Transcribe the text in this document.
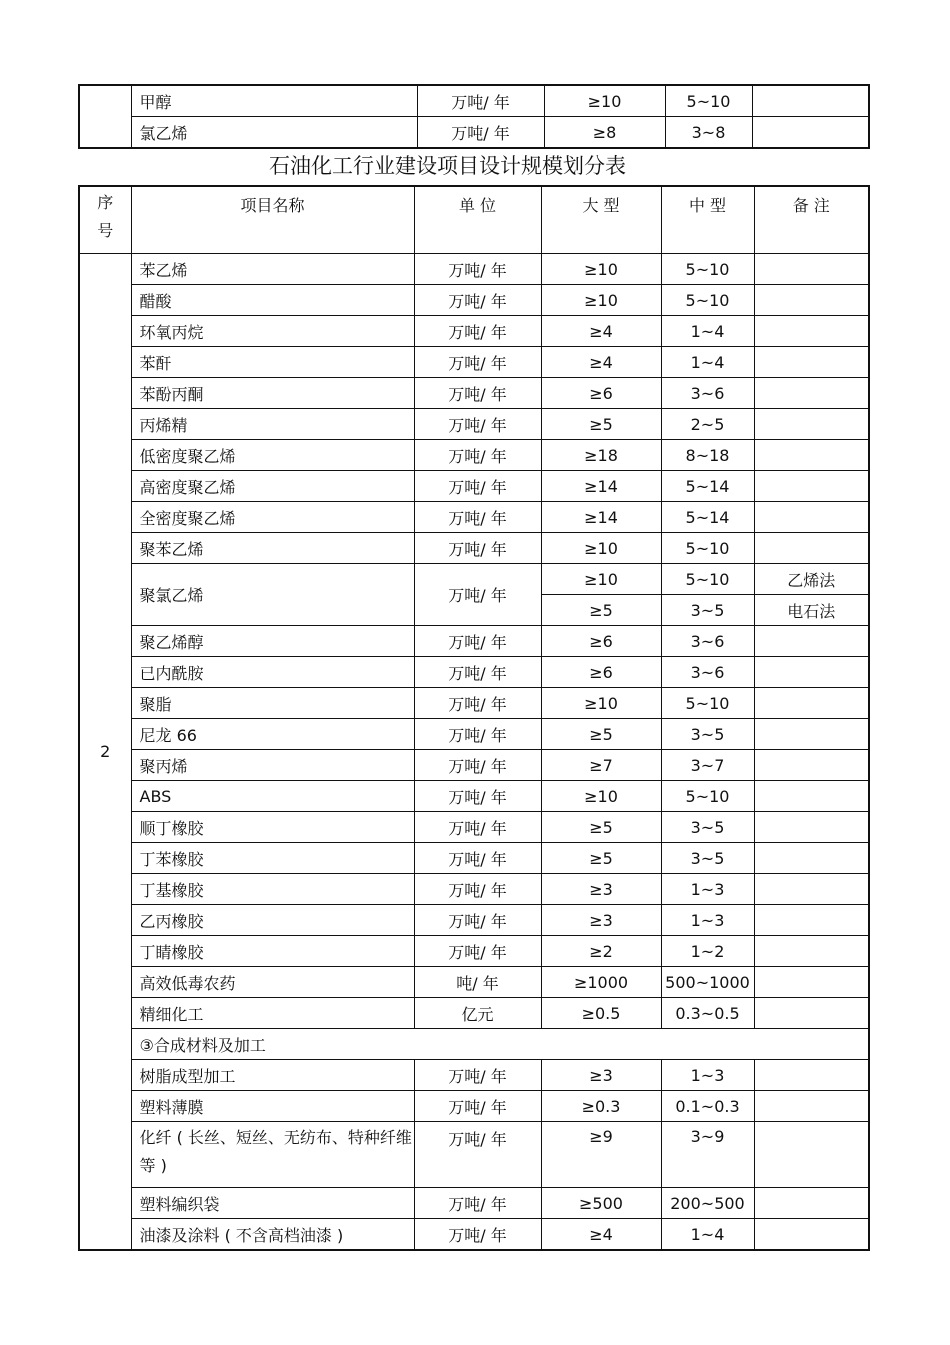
	甲醇	万吨/ 年	≥10	5~10	
	氯乙烯	万吨/ 年	≥8	3~8	
石油化工行业建设项目设计规模划分表
序
号	项目名称	单 位	大 型	中 型	备 注
2	苯乙烯	万吨/ 年	≥10	5~10	
	醋酸	万吨/ 年	≥10	5~10	
	环氧丙烷	万吨/ 年	≥4	1~4	
	苯酐	万吨/ 年	≥4	1~4	
	苯酚丙酮	万吨/ 年	≥6	3~6	
	丙烯精	万吨/ 年	≥5	2~5	
	低密度聚乙烯	万吨/ 年	≥18	8~18	
	高密度聚乙烯	万吨/ 年	≥14	5~14	
	全密度聚乙烯	万吨/ 年	≥14	5~14	
	聚苯乙烯	万吨/ 年	≥10	5~10	
	聚氯乙烯	万吨/ 年	≥10	5~10	乙烯法
			≥5	3~5	电石法
	聚乙烯醇	万吨/ 年	≥6	3~6	
	已内酰胺	万吨/ 年	≥6	3~6	
	聚脂	万吨/ 年	≥10	5~10	
	尼龙 66	万吨/ 年	≥5	3~5	
	聚丙烯	万吨/ 年	≥7	3~7	
	ABS	万吨/ 年	≥10	5~10	
	顺丁橡胶	万吨/ 年	≥5	3~5	
	丁苯橡胶	万吨/ 年	≥5	3~5	
	丁基橡胶	万吨/ 年	≥3	1~3	
	乙丙橡胶	万吨/ 年	≥3	1~3	
	丁睛橡胶	万吨/ 年	≥2	1~2	
	高效低毒农药	吨/ 年	≥1000	500~1000	
	精细化工	亿元	≥0.5	0.3~0.5	
	③合成材料及加工				
	树脂成型加工	万吨/ 年	≥3	1~3	
	塑料薄膜	万吨/ 年	≥0.3	0.1~0.3	
	化纤 ( 长丝、短丝、无纺布、特种纤维等 )	万吨/ 年	≥9	3~9	
	塑料编织袋	万吨/ 年	≥500	200~500	
	油漆及涂料 ( 不含高档油漆 )	万吨/ 年	≥4	1~4	
